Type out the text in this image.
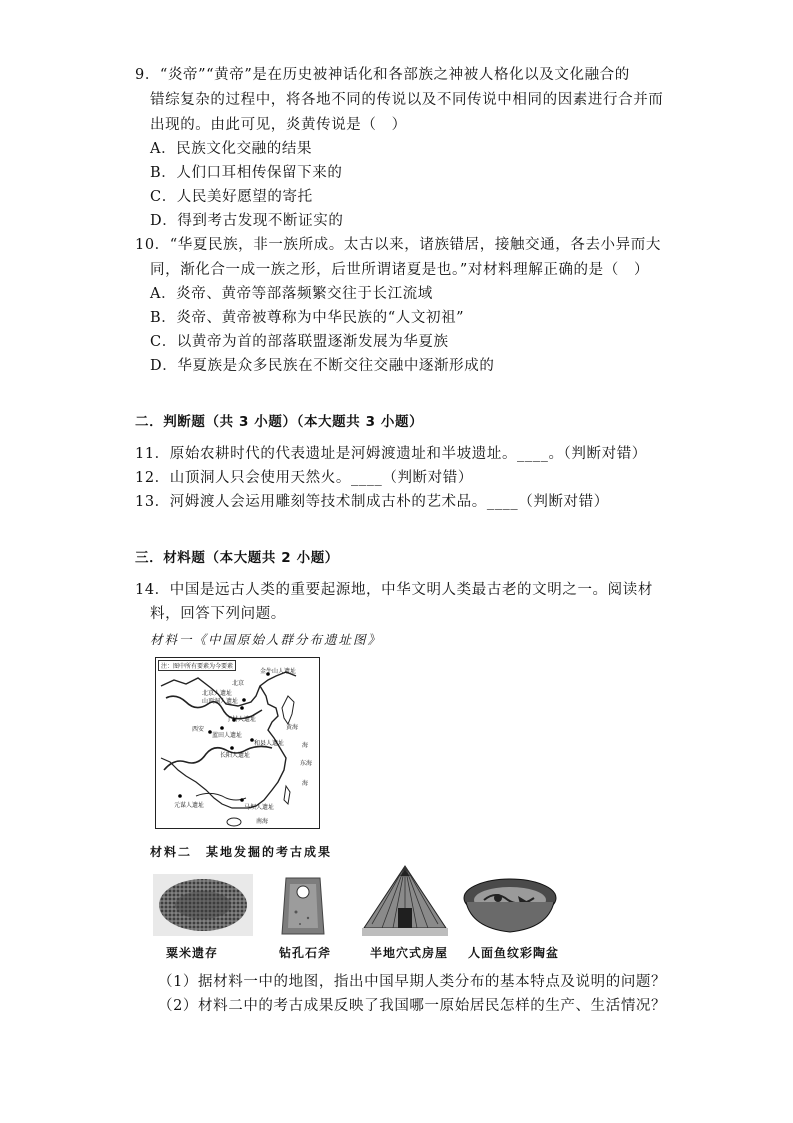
9．“炎帝”“黄帝”是在历史被神话化和各部族之神被人格化以及文化融合的
错综复杂的过程中，将各地不同的传说以及不同传说中相同的因素进行合并而
出现的。由此可见，炎黄传说是（　）
A．民族文化交融的结果
B．人们口耳相传保留下来的
C．人民美好愿望的寄托
D．得到考古发现不断证实的
10．“华夏民族，非一族所成。太古以来，诸族错居，接触交通，各去小异而大
同，渐化合一成一族之形，后世所谓诸夏是也。”对材料理解正确的是（　）
A．炎帝、黄帝等部落频繁交往于长江流域
B．炎帝、黄帝被尊称为中华民族的“人文初祖”
C．以黄帝为首的部落联盟逐渐发展为华夏族
D．华夏族是众多民族在不断交往交融中逐渐形成的
二．判断题（共 3 小题）（本大题共 3 小题）
11．原始农耕时代的代表遗址是河姆渡遗址和半坡遗址。____。（判断对错）
12．山顶洞人只会使用天然火。____（判断对错）
13．河姆渡人会运用雕刻等技术制成古朴的艺术品。____（判断对错）
三．材料题（本大题共 2 小题）
14．中国是远古人类的重要起源地，中华文明人类最古老的文明之一。阅读材
料，回答下列问题。
材料一《中国原始人群分布遗址图》
注：图中所有要素为今要素
金牛山人遗址
北京
北京人遗址
山顶洞人遗址
丁村人遗址
西安
蓝田人遗址
和县人遗址
长阳人遗址
黄海
东海
元谋人遗址	马坝人遗址
南海
海
海
材料二　某地发掘的考古成果
粟米遗存	钻孔石斧	半地穴式房屋 人面鱼纹彩陶盆
（1）据材料一中的地图，指出中国早期人类分布的基本特点及说明的问题？
（2）材料二中的考古成果反映了我国哪一原始居民怎样的生产、生活情况？
